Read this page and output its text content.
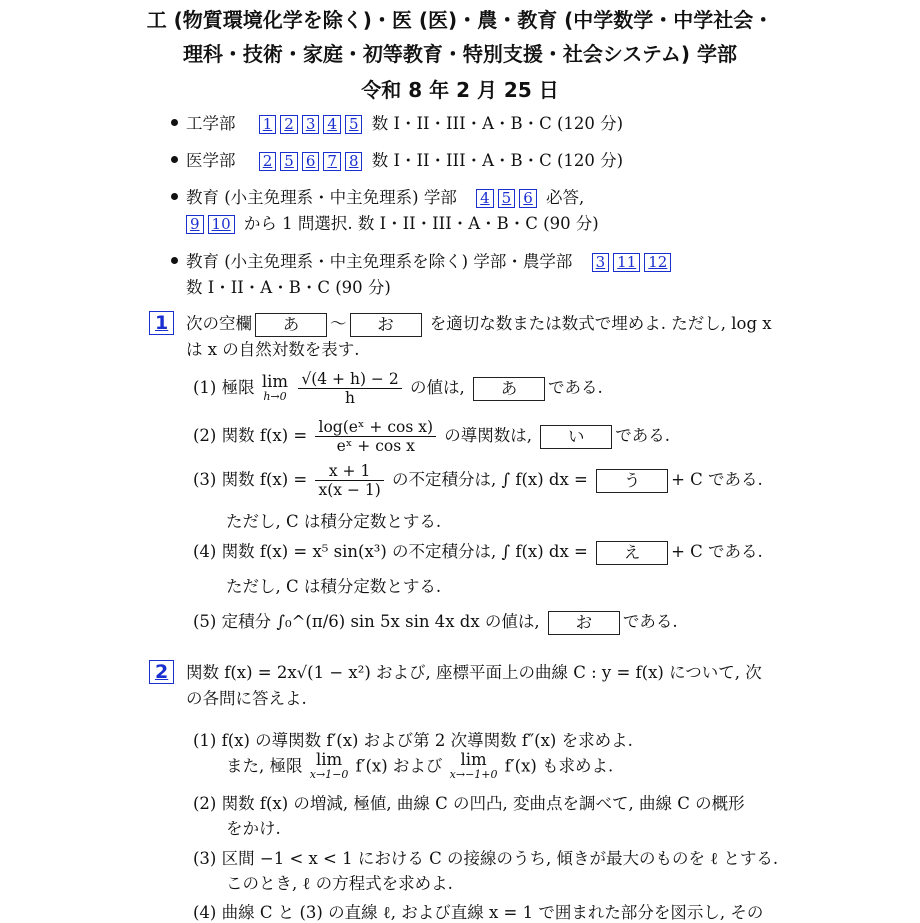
工 (物質環境化学を除く)・医 (医)・農・教育 (中学数学・中学社会・
理科・技術・家庭・初等教育・特別支援・社会システム) 学部
令和 8 年 2 月 25 日
工学部 1 2 3 4 5 数 I・II・III・A・B・C (120 分)
医学部 2 5 6 7 8 数 I・II・III・A・B・C (120 分)
教育 (小主免理系・中主免理系) 学部 4 5 6 必答,
9 10 から 1 問選択. 数 I・II・III・A・B・C (90 分)
教育 (小主免理系・中主免理系を除く) 学部・農学部 3 11 12
数 I・II・A・B・C (90 分)
1	次の空欄 あ 〜 お を適切な数または数式で埋めよ. ただし, log x
は x の自然対数を表す.
(1) 極限 lim
h→0
$\frac{√(4 + h) - 2}{h}$ の値は, あ である.
(2) 関数 $f(x) = \frac{\text{log(eˣ + cos x)}}{\text{eˣ + cos x}}$ の導関数は, い である.
(3) 関数 $f(x) = \frac{x + 1}{x(x - 1)}$ の不定積分は, ∫ f(x) dx = う + C である.
ただし, C は積分定数とする.
(4) 関数 f(x) = x⁵ sin(x³) の不定積分は, ∫ f(x) dx = え + C である.
ただし, C は積分定数とする.
(5) 定積分 ∫₀^(π/6) sin 5x sin 4x dx の値は, お である.
2	関数 f(x) = 2x√(1 − x²) および, 座標平面上の曲線 C : y = f(x) について, 次
の各問に答えよ.
(1) f(x) の導関数 f′(x) および第 2 次導関数 f″(x) を求めよ.
また, 極限 lim
x→1−0 f′(x) および lim
x→−1+0 f′(x) も求めよ.
(2) 関数 f(x) の増減, 極値, 曲線 C の凹凸, 変曲点を調べて, 曲線 C の概形
をかけ.
(3) 区間 −1 < x < 1 における C の接線のうち, 傾きが最大のものを ℓ とする.
このとき, ℓ の方程式を求めよ.
(4) 曲線 C と (3) の直線 ℓ, および直線 x = 1 で囲まれた部分を図示し, その
